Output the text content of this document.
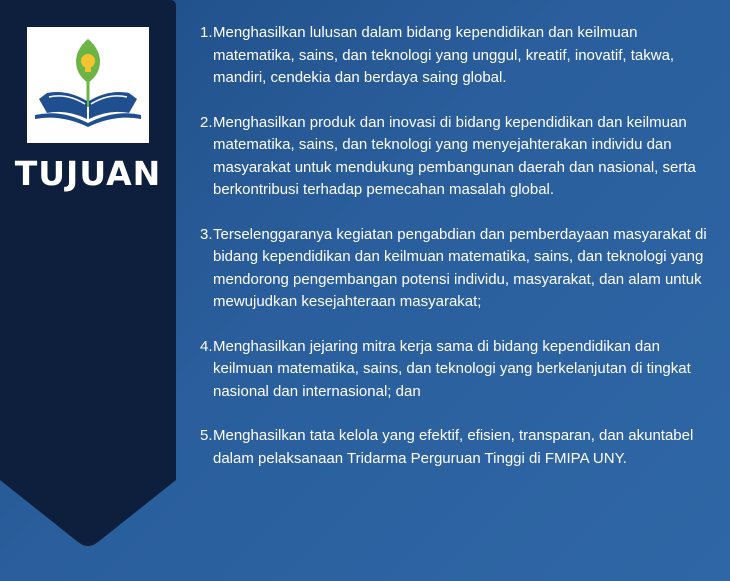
TUJUAN
1. Menghasilkan lulusan dalam bidang kependidikan dan keilmuan matematika, sains, dan teknologi yang unggul, kreatif, inovatif, takwa, mandiri, cendekia dan berdaya saing global.
2. Menghasilkan produk dan inovasi di bidang kependidikan dan keilmuan matematika, sains, dan teknologi yang menyejahterakan individu dan masyarakat untuk mendukung pembangunan daerah dan nasional, serta berkontribusi terhadap pemecahan masalah global.
3. Terselenggaranya kegiatan pengabdian dan pemberdayaan masyarakat di bidang kependidikan dan keilmuan matematika, sains, dan teknologi yang mendorong pengembangan potensi individu, masyarakat, dan alam untuk mewujudkan kesejahteraan masyarakat;
4. Menghasilkan jejaring mitra kerja sama di bidang kependidikan dan keilmuan matematika, sains, dan teknologi yang berkelanjutan di tingkat nasional dan internasional; dan
5. Menghasilkan tata kelola yang efektif, efisien, transparan, dan akuntabel dalam pelaksanaan Tridarma Perguruan Tinggi di FMIPA UNY.
